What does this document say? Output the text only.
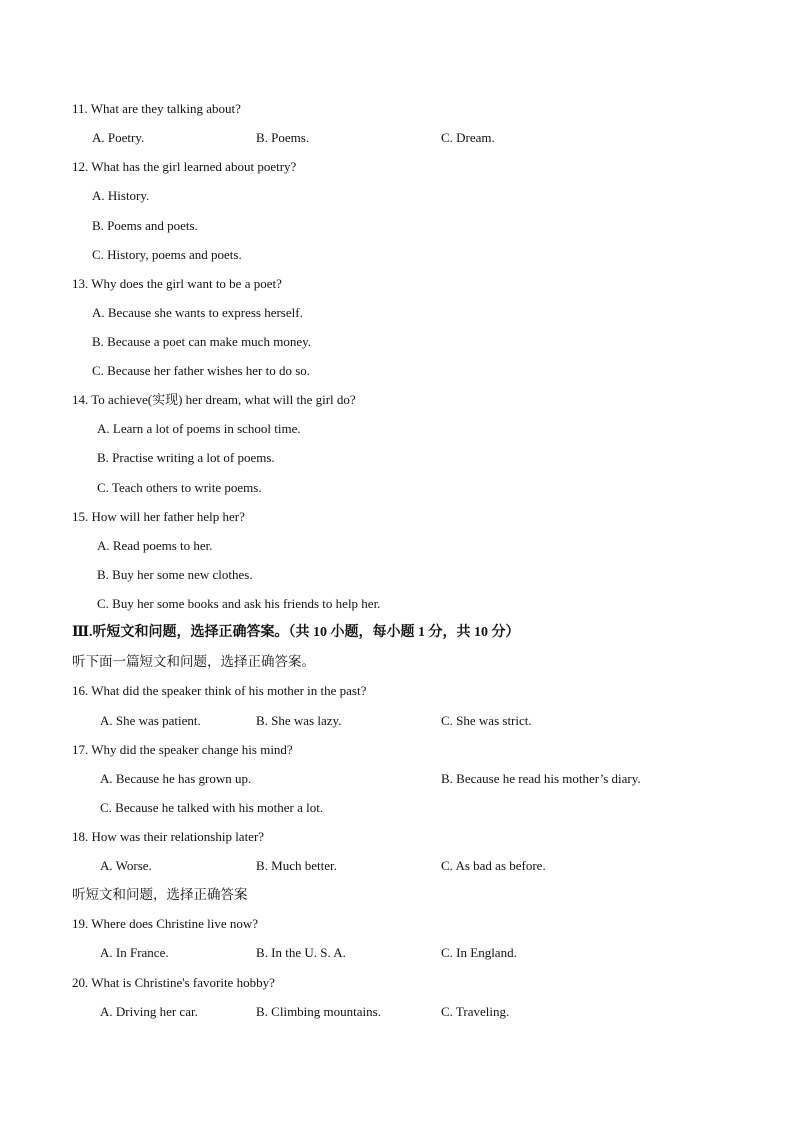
11. What are they talking about?
A. Poetry.	B. Poems.	C. Dream.
12. What has the girl learned about poetry?
A. History.
B. Poems and poets.
C. History, poems and poets.
13. Why does the girl want to be a poet?
A. Because she wants to express herself.
B. Because a poet can make much money.
C. Because her father wishes her to do so.
14. To achieve(实现) her dream, what will the girl do?
A. Learn a lot of poems in school time.
B. Practise writing a lot of poems.
C. Teach others to write poems.
15. How will her father help her?
A. Read poems to her.
B. Buy her some new clothes.
C. Buy her some books and ask his friends to help her.
Ⅲ.听短文和问题，选择正确答案。（共 10 小题，每小题 1 分，共 10 分）
听下面一篇短文和问题，选择正确答案。
16. What did the speaker think of his mother in the past?
A. She was patient.	B. She was lazy.	C. She was strict.
17. Why did the speaker change his mind?
A. Because he has grown up.	B. Because he read his mother’s diary.
C. Because he talked with his mother a lot.
18. How was their relationship later?
A. Worse.	B. Much better.	C. As bad as before.
听短文和问题，选择正确答案
19. Where does Christine live now?
A. In France.	B. In the U. S. A.	C. In England.
20. What is Christine's favorite hobby?
A. Driving her car.	B. Climbing mountains.	C. Traveling.
